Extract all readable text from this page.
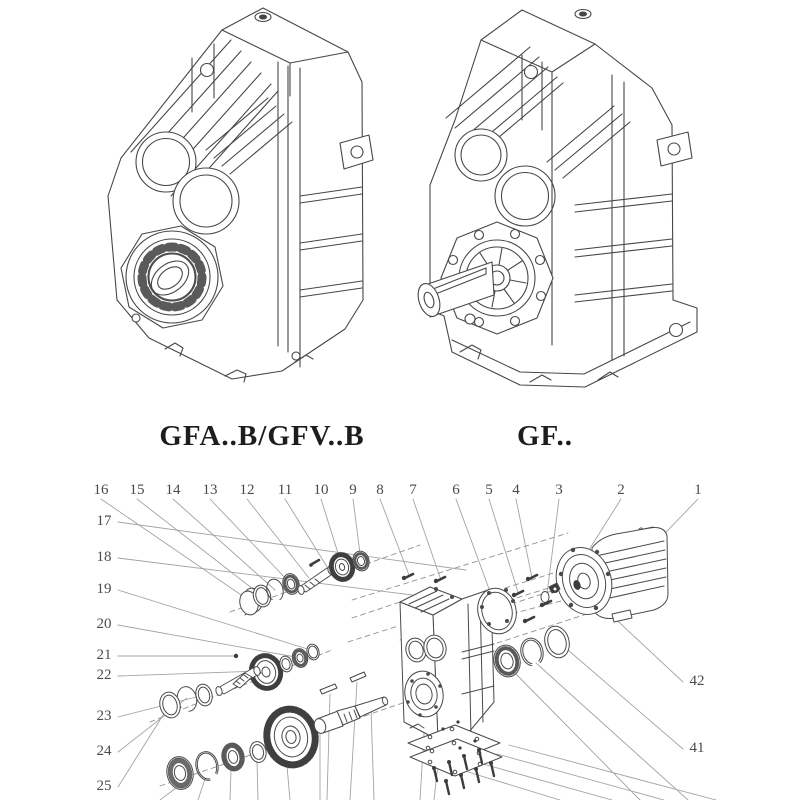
GFA..B/GFV..B	GF..
16	15	14	13	12	11	10	9	8	7	6	5	4	3	2	1
17
18
19
20
21
22
23
24
25
42
41
